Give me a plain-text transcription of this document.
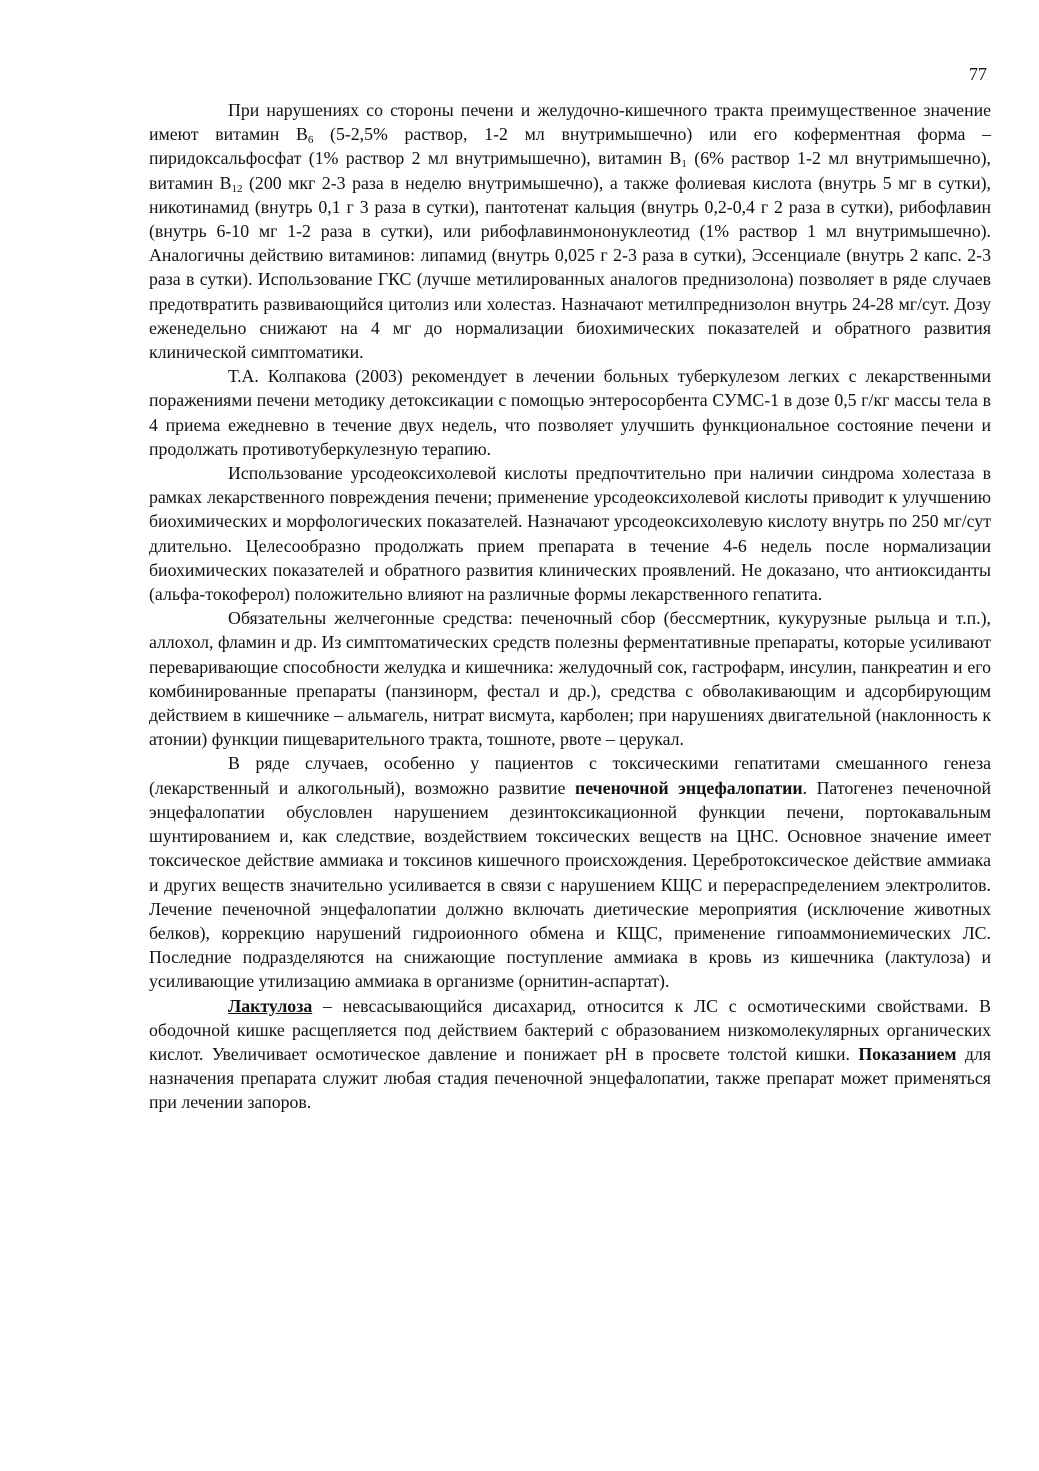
77

При нарушениях со стороны печени и желудочно-кишечного тракта преимущественное значение имеют витамин $В_6$ (5-2,5% раствор, 1-2 мл внутримышечно) или его коферментная форма – пиридоксальфосфат (1% раствор 2 мл внутримышечно), витамин $В_1$ (6% раствор 1-2 мл внутримышечно), витамин $В_{12}$ (200 мкг 2-3 раза в неделю внутримышечно), а также фолиевая кислота (внутрь 5 мг в сутки), никотинамид (внутрь 0,1 г 3 раза в сутки), пантотенат кальция (внутрь 0,2-0,4 г 2 раза в сутки), рибофлавин (внутрь 6-10 мг 1-2 раза в сутки), или рибофлавинмононуклеотид (1% раствор 1 мл внутримышечно). Аналогичны действию витаминов: липамид (внутрь 0,025 г 2-3 раза в сутки), Эссенциале (внутрь 2 капс. 2-3 раза в сутки). Использование ГКС (лучше метилированных аналогов преднизолона) позволяет в ряде случаев предотвратить развивающийся цитолиз или холестаз. Назначают метилпреднизолон внутрь 24-28 мг/сут. Дозу еженедельно снижают на 4 мг до нормализации биохимических показателей и обратного развития клинической симптоматики.

Т.А. Колпакова (2003) рекомендует в лечении больных туберкулезом легких с лекарственными поражениями печени методику детоксикации с помощью энтеросорбента СУМС-1 в дозе 0,5 г/кг массы тела в 4 приема ежедневно в течение двух недель, что позволяет улучшить функциональное состояние печени и продолжать противотуберкулезную терапию.

Использование урсодеоксихолевой кислоты предпочтительно при наличии синдрома холестаза в рамках лекарственного повреждения печени; применение урсодеоксихолевой кислоты приводит к улучшению биохимических и морфологических показателей. Назначают урсодеоксихолевую кислоту внутрь по 250 мг/сут длительно. Целесообразно продолжать прием препарата в течение 4-6 недель после нормализации биохимических показателей и обратного развития клинических проявлений. Не доказано, что антиоксиданты (альфа-токоферол) положительно влияют на различные формы лекарственного гепатита.

Обязательны желчегонные средства: печеночный сбор (бессмертник, кукурузные рыльца и т.п.), аллохол, фламин и др. Из симптоматических средств полезны ферментативные препараты, которые усиливают переваривающие способности желудка и кишечника: желудочный сок, гастрофарм, инсулин, панкреатин и его комбинированные препараты (панзинорм, фестал и др.), средства с обволакивающим и адсорбирующим действием в кишечнике – альмагель, нитрат висмута, карболен; при нарушениях двигательной (наклонность к атонии) функции пищеварительного тракта, тошноте, рвоте – церукал.

В ряде случаев, особенно у пациентов с токсическими гепатитами смешанного генеза (лекарственный и алкогольный), возможно развитие печеночной энцефалопатии. Патогенез печеночной энцефалопатии обусловлен нарушением дезинтоксикационной функции печени, портокавальным шунтированием и, как следствие, воздействием токсических веществ на ЦНС. Основное значение имеет токсическое действие аммиака и токсинов кишечного происхождения. Церебротоксическое действие аммиака и других веществ значительно усиливается в связи с нарушением КЩС и перераспределением электролитов. Лечение печеночной энцефалопатии должно включать диетические мероприятия (исключение животных белков), коррекцию нарушений гидроионного обмена и КЩС, применение гипоаммониемических ЛС. Последние подразделяются на снижающие поступление аммиака в кровь из кишечника (лактулоза) и усиливающие утилизацию аммиака в организме (орнитин-аспартат).

Лактулоза – невсасывающийся дисахарид, относится к ЛС с осмотическими свойствами. В ободочной кишке расщепляется под действием бактерий с образованием низкомолекулярных органических кислот. Увеличивает осмотическое давление и понижает pH в просвете толстой кишки. Показанием для назначения препарата служит любая стадия печеночной энцефалопатии, также препарат может применяться при лечении запоров.
